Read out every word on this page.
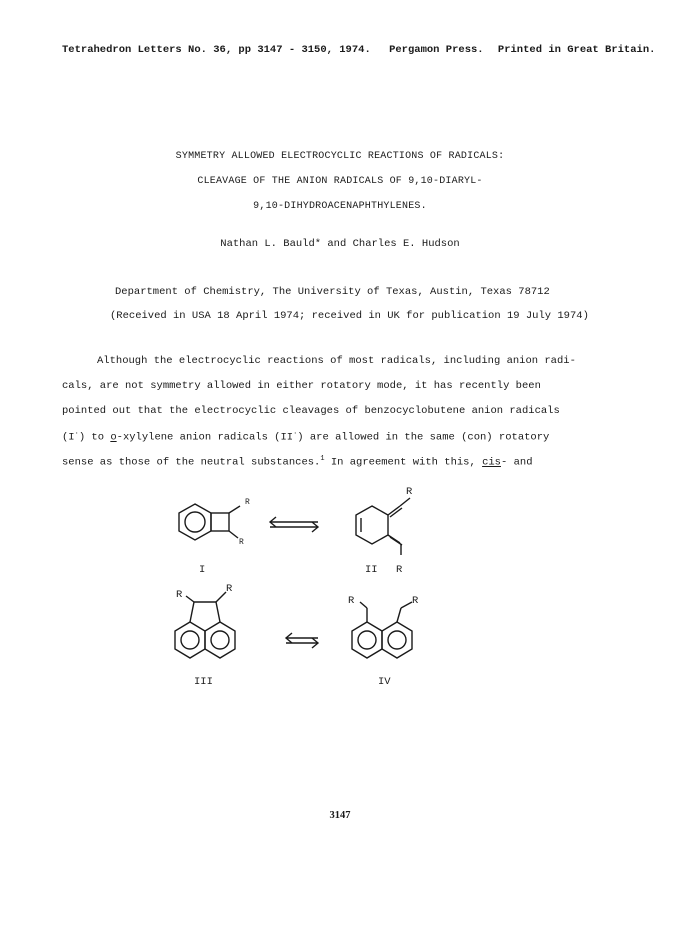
Tetrahedron Letters No. 36, pp 3147 - 3150, 1974. Pergamon Press. Printed in Great Britain.
SYMMETRY ALLOWED ELECTROCYCLIC REACTIONS OF RADICALS:
CLEAVAGE OF THE ANION RADICALS OF 9,10-DIARYL-
9,10-DIHYDROACENAPHTHYLENES.
Nathan L. Bauld* and Charles E. Hudson
Department of Chemistry, The University of Texas, Austin, Texas 78712
(Received in USA 18 April 1974; received in UK for publication 19 July 1974)
Although the electrocyclic reactions of most radicals, including anion radi-
cals, are not symmetry allowed in either rotatory mode, it has recently been
pointed out that the electrocyclic cleavages of benzocyclobutene anion radicals
(I·) to o-xylylene anion radicals (II·) are allowed in the same (con) rotatory
sense as those of the neutral substances.$^1$ In agreement with this, cis- and
R
R
R
R
R	R
R	R
I	II
III	IV
3147
